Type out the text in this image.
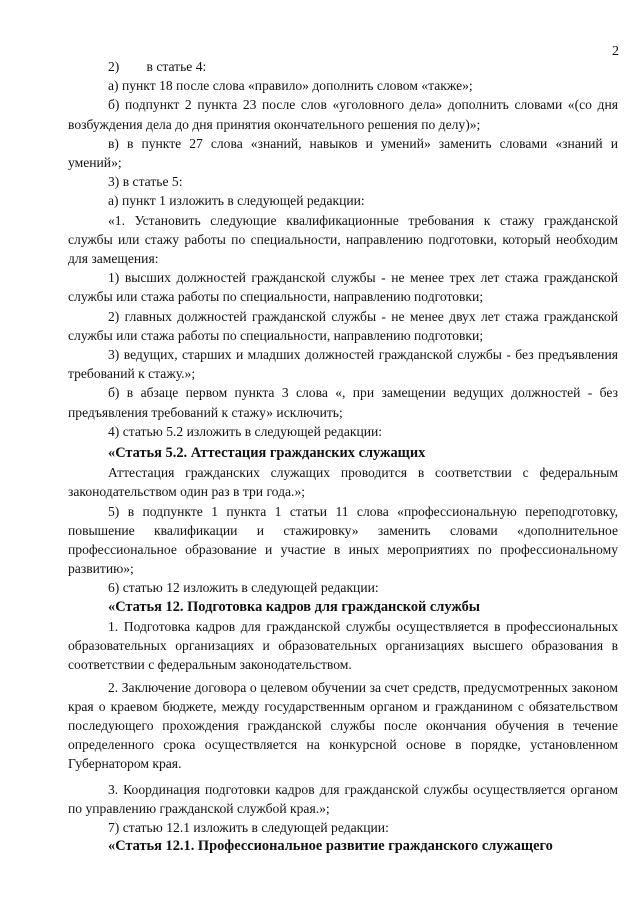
2

2)        в статье 4:

а) пункт 18 после слова «правило» дополнить словом «также»;

б) подпункт 2 пункта 23 после слов «уголовного дела» дополнить словами «(со дня возбуждения дела до дня принятия окончательного решения по делу)»;

в) в пункте 27 слова «знаний, навыков и умений» заменить словами «знаний и умений»;

3) в статье 5:

а) пункт 1 изложить в следующей редакции:

«1. Установить следующие квалификационные требования к стажу гражданской службы или стажу работы по специальности, направлению подготовки, который необходим для замещения:

1) высших должностей гражданской службы - не менее трех лет стажа гражданской службы или стажа работы по специальности, направлению подготовки;

2) главных должностей гражданской службы - не менее двух лет стажа гражданской службы или стажа работы по специальности, направлению подготовки;

3) ведущих, старших и младших должностей гражданской службы - без предъявления требований к стажу.»;

б) в абзаце первом пункта 3 слова «, при замещении ведущих должностей - без предъявления требований к стажу» исключить;

4) статью 5.2 изложить в следующей редакции:

«Статья 5.2. Аттестация гражданских служащих

Аттестация гражданских служащих проводится в соответствии с федеральным законодательством один раз в три года.»;

5) в подпункте 1 пункта 1 статьи 11 слова «профессиональную переподготовку, повышение квалификации и стажировку» заменить словами «дополнительное профессиональное образование и участие в иных мероприятиях по профессиональному развитию»;

6) статью 12 изложить в следующей редакции:

«Статья 12. Подготовка кадров для гражданской службы

1. Подготовка кадров для гражданской службы осуществляется в профессиональных образовательных организациях и образовательных организациях высшего образования в соответствии с федеральным законодательством.

2. Заключение договора о целевом обучении за счет средств, предусмотренных законом края о краевом бюджете, между государственным органом и гражданином с обязательством последующего прохождения гражданской службы после окончания обучения в течение определенного срока осуществляется на конкурсной основе в порядке, установленном Губернатором края.

3. Координация подготовки кадров для гражданской службы осуществляется органом по управлению гражданской службой края.»;

7) статью 12.1 изложить в следующей редакции:

«Статья 12.1. Профессиональное развитие гражданского служащего
